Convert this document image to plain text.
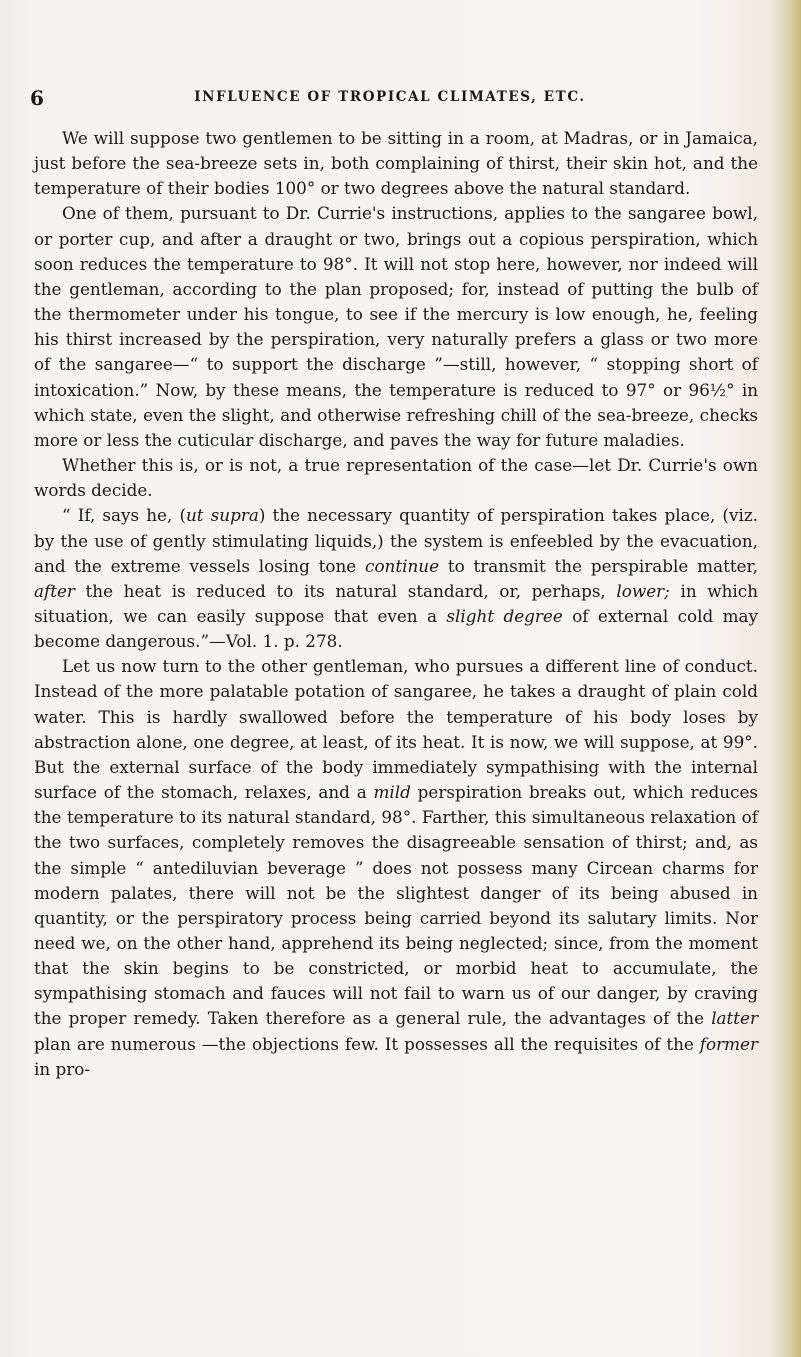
6	INFLUENCE OF TROPICAL CLIMATES, ETC.

We will suppose two gentlemen to be sitting in a room, at Madras, or in Jamaica, just before the sea-breeze sets in, both complaining of thirst, their skin hot, and the temperature of their bodies 100° or two degrees above the natural standard.

One of them, pursuant to Dr. Currie's instructions, applies to the sangaree bowl, or porter cup, and after a draught or two, brings out a copious perspiration, which soon reduces the temperature to 98°. It will not stop here, however, nor indeed will the gentleman, according to the plan proposed; for, instead of putting the bulb of the thermometer under his tongue, to see if the mercury is low enough, he, feeling his thirst increased by the perspiration, very naturally prefers a glass or two more of the sangaree—“ to support the discharge ”—still, however, “ stopping short of intoxication.” Now, by these means, the temperature is reduced to 97° or 96½° in which state, even the slight, and otherwise refreshing chill of the sea-breeze, checks more or less the cuticular discharge, and paves the way for future maladies.

Whether this is, or is not, a true representation of the case—let Dr. Currie's own words decide.

“ If, says he, (ut supra) the necessary quantity of perspiration takes place, (viz. by the use of gently stimulating liquids,) the system is enfeebled by the evacuation, and the extreme vessels losing tone continue to transmit the perspirable matter, after the heat is reduced to its natural standard, or, perhaps, lower; in which situation, we can easily suppose that even a slight degree of external cold may become dangerous.”—Vol. 1. p. 278.

Let us now turn to the other gentleman, who pursues a different line of conduct. Instead of the more palatable potation of sangaree, he takes a draught of plain cold water. This is hardly swallowed before the temperature of his body loses by abstraction alone, one degree, at least, of its heat. It is now, we will suppose, at 99°. But the external surface of the body immediately sympathising with the internal surface of the stomach, relaxes, and a mild perspiration breaks out, which reduces the temperature to its natural standard, 98°. Farther, this simultaneous relaxation of the two surfaces, completely removes the disagreeable sensation of thirst; and, as the simple “ antediluvian beverage ” does not possess many Circean charms for modern palates, there will not be the slightest danger of its being abused in quantity, or the perspiratory process being carried beyond its salutary limits. Nor need we, on the other hand, apprehend its being neglected; since, from the moment that the skin begins to be constricted, or morbid heat to accumulate, the sympathising stomach and fauces will not fail to warn us of our danger, by craving the proper remedy. Taken therefore as a general rule, the advantages of the latter plan are numerous —the objections few. It possesses all the requisites of the former in pro-
